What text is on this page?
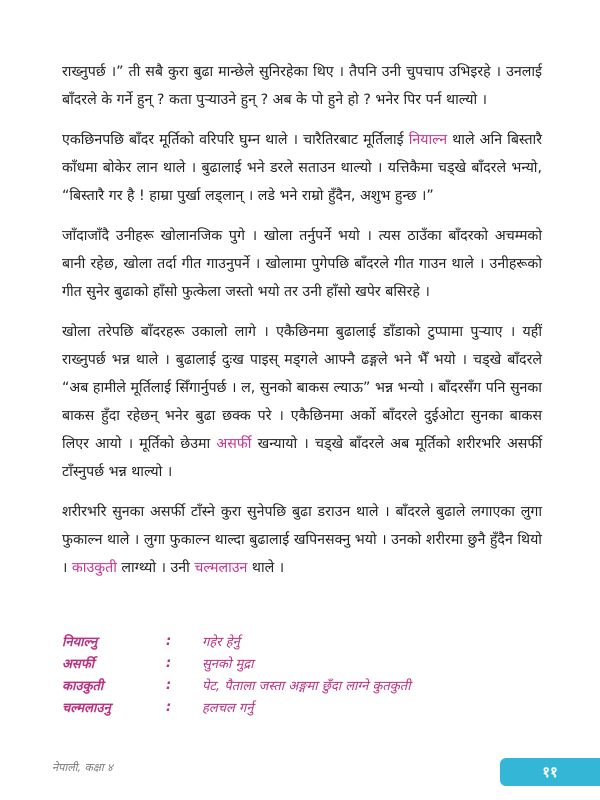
राख्नुपर्छ ।” ती सबै कुरा बुढा मान्छेले सुनिरहेका थिए । तैपनि उनी चुपचाप उभिइरहे । उनलाई बाँदरले के गर्ने हुन् ? कता पुऱ्याउने हुन् ? अब के पो हुने हो ? भनेर पिर पर्न थाल्यो ।

एकछिनपछि बाँदर मूर्तिको वरिपरि घुम्न थाले । चारैतिरबाट मूर्तिलाई नियाल्न थाले अनि बिस्तारै काँधमा बोकेर लान थाले । बुढालाई भने डरले सताउन थाल्यो । यत्तिकैमा चड्खे बाँदरले भन्यो, “बिस्तारै गर है ! हाम्रा पुर्खा लड्लान् । लडे भने राम्रो हुँदैन, अशुभ हुन्छ ।”

जाँदाजाँदै उनीहरू खोलानजिक पुगे । खोला तर्नुपर्ने भयो । त्यस ठाउँका बाँदरको अचम्मको बानी रहेछ, खोला तर्दा गीत गाउनुपर्ने । खोलामा पुगेपछि बाँदरले गीत गाउन थाले । उनीहरूको गीत सुनेर बुढाको हाँसो फुत्केला जस्तो भयो तर उनी हाँसो खपेर बसिरहे ।

खोला तरेपछि बाँदरहरू उकालो लागे । एकैछिनमा बुढालाई डाँडाको टुप्पामा पुऱ्याए । यहीं राख्नुपर्छ भन्न थाले । बुढालाई दुःख पाइस् मड्गले आफ्नै ढङ्गले भने भैँ भयो । चड्खे बाँदरले “अब हामीले मूर्तिलाई सिँगार्नुपर्छ । ल, सुनको बाकस ल्याऊ” भन्न भन्यो । बाँदरसँग पनि सुनका बाकस हुँदा रहेछन् भनेर बुढा छक्क परे । एकैछिनमा अर्को बाँदरले दुईओटा सुनका बाकस लिएर आयो । मूर्तिको छेउमा असर्फी खन्यायो । चड्खे बाँदरले अब मूर्तिको शरीरभरि असर्फी टाँस्नुपर्छ भन्न थाल्यो ।

शरीरभरि सुनका असर्फी टाँस्ने कुरा सुनेपछि बुढा डराउन थाले । बाँदरले बुढाले लगाएका लुगा फुकाल्न थाले । लुगा फुकाल्न थाल्दा बुढालाई खपिनसक्नु भयो । उनको शरीरमा छुनै हुँदैन थियो । काउकुती लाग्थ्यो । उनी चल्मलाउन थाले ।

नियाल्नु	:	गहेर हेर्नु
असर्फी	:	सुनको मुद्रा
काउकुती	:	पेट, पैताला जस्ता अङ्गमा छुँदा लाग्ने कुतकुती
चल्मलाउनु	:	हलचल गर्नु
नेपाली, कक्षा ४	११
